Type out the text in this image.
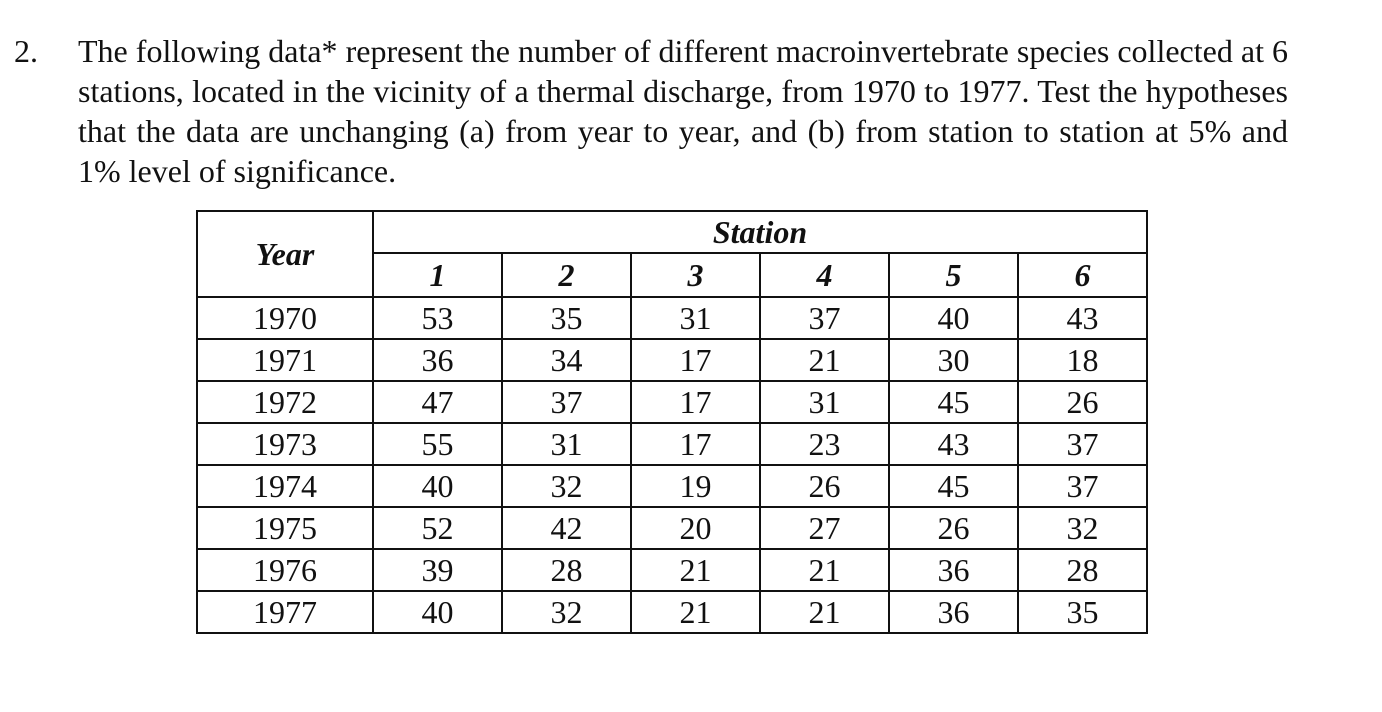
2. The following data* represent the number of different macroinvertebrate species collected at 6 stations, located in the vicinity of a thermal discharge, from 1970 to 1977. Test the hypotheses that the data are unchanging (a) from year to year, and (b) from station to station at 5% and 1% level of significance.
Year	Station					
	1	2	3	4	5	6
1970	53	35	31	37	40	43
1971	36	34	17	21	30	18
1972	47	37	17	31	45	26
1973	55	31	17	23	43	37
1974	40	32	19	26	45	37
1975	52	42	20	27	26	32
1976	39	28	21	21	36	28
1977	40	32	21	21	36	35
